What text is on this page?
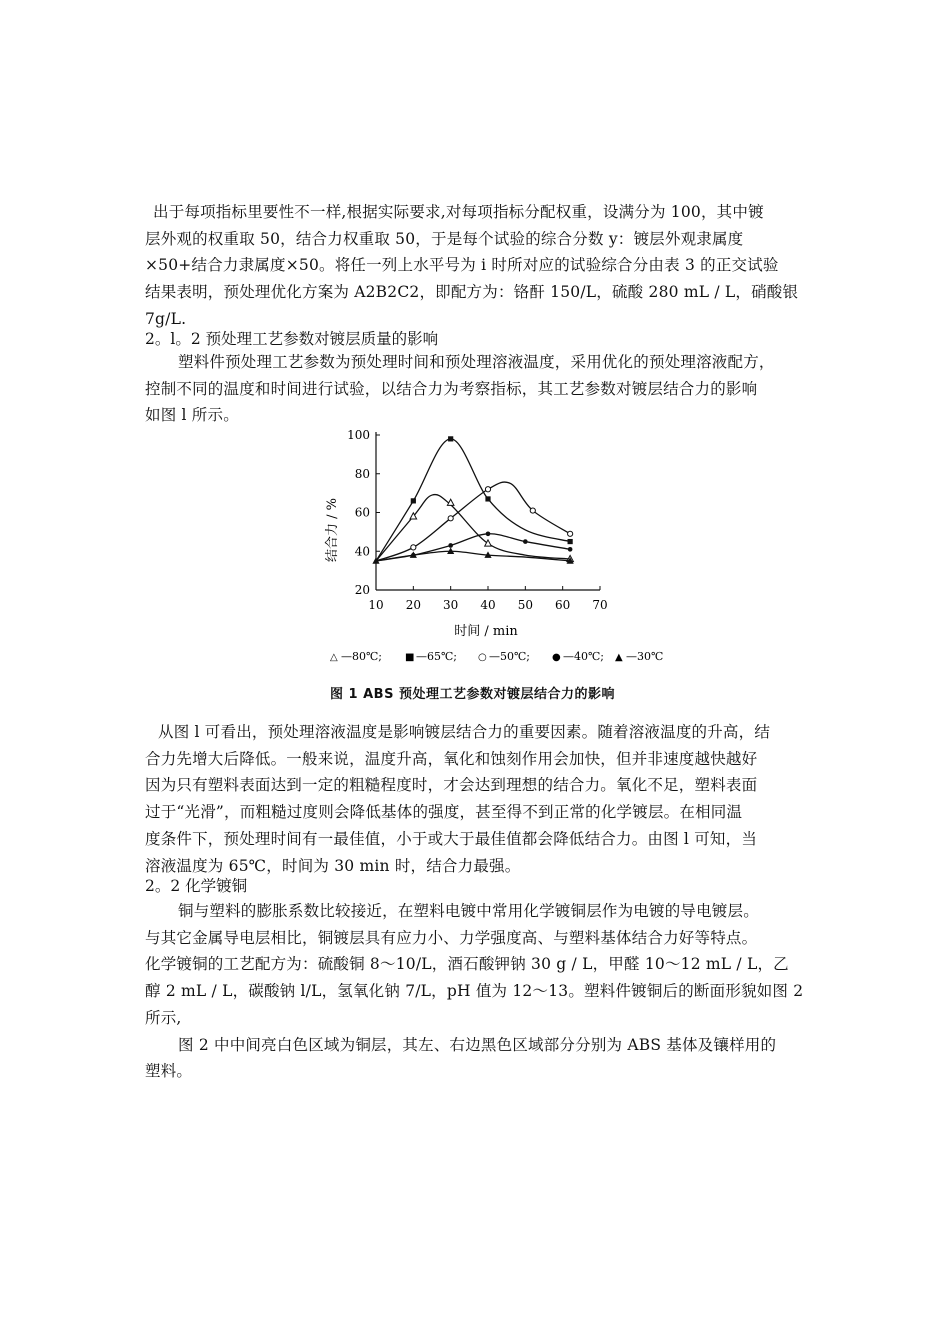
出于每项指标里要性不一样,根据实际要求,对每项指标分配权重，设满分为 100，其中镀
层外观的权重取 50，结合力权重取 50，于是每个试验的综合分数 y：镀层外观隶属度
×50+结合力隶属度×50。将任一列上水平号为 i 时所对应的试验综合分由表 3 的正交试验
结果表明，预处理优化方案为 A2B2C2，即配方为：铬酐 150/L，硫酸 280 mL / L，硝酸银
7g/L.

2。l。2 预处理工艺参数对镀层质量的影响

塑料件预处理工艺参数为预处理时间和预处理溶液温度，采用优化的预处理溶液配方，
控制不同的温度和时间进行试验，以结合力为考察指标，其工艺参数对镀层结合力的影响
如图 l 所示。
20
40
60
80
100
10 20 30 40 50 60 70
结合力 / %
时间 / min
△ —80℃; ■ —65℃; ○ —50℃; ● —40℃; ▲ —30℃
图 1 ABS 预处理工艺参数对镀层结合力的影响
从图 l 可看出，预处理溶液温度是影响镀层结合力的重要因素。随着溶液温度的升高，结
合力先增大后降低。一般来说，温度升高，氧化和蚀刻作用会加快，但并非速度越快越好
因为只有塑料表面达到一定的粗糙程度时，才会达到理想的结合力。氧化不足，塑料表面
过于“光滑”，而粗糙过度则会降低基体的强度，甚至得不到正常的化学镀层。在相同温
度条件下，预处理时间有一最佳值，小于或大于最佳值都会降低结合力。由图 l 可知，当
溶液温度为 65℃，时间为 30 min 时，结合力最强。

2。2 化学镀铜

铜与塑料的膨胀系数比较接近，在塑料电镀中常用化学镀铜层作为电镀的导电镀层。
与其它金属导电层相比，铜镀层具有应力小、力学强度高、与塑料基体结合力好等特点。
化学镀铜的工艺配方为：硫酸铜 8～10/L，酒石酸钾钠 30 g / L，甲醛 10～12 mL / L，乙
醇 2 mL / L，碳酸钠 l/L，氢氧化钠 7/L，pH 值为 12～13。塑料件镀铜后的断面形貌如图 2
所示,
图 2 中中间亮白色区域为铜层，其左、右边黑色区域部分分别为 ABS 基体及镶样用的
塑料。
